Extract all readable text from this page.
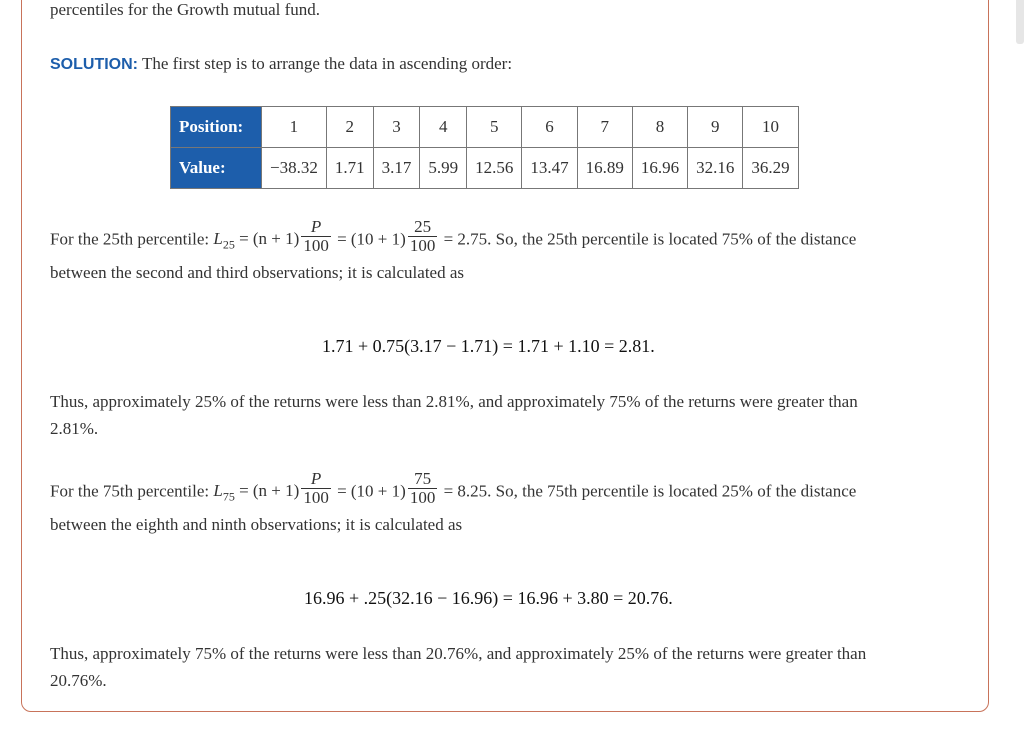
percentiles for the Growth mutual fund.
SOLUTION: The first step is to arrange the data in ascending order:
Position:	1	2	3	4	5	6	7	8	9	10
Value:	−38.32	1.71	3.17	5.99	12.56	13.47	16.89	16.96	32.16	36.29
For the 25th percentile: $L_{25} = (n + 1) \frac{P}{100} = (10 + 1) \frac{25}{100} = 2.75$. So, the 25th percentile is located 75% of the distance
between the second and third observations; it is calculated as
1.71 + 0.75(3.17 − 1.71) = 1.71 + 1.10 = 2.81.
Thus, approximately 25% of the returns were less than 2.81%, and approximately 75% of the returns were greater than
2.81%.
For the 75th percentile: $L_{75} = (n + 1) \frac{P}{100} = (10 + 1) \frac{75}{100} = 8.25$. So, the 75th percentile is located 25% of the distance
between the eighth and ninth observations; it is calculated as
16.96 + .25(32.16 − 16.96) = 16.96 + 3.80 = 20.76.
Thus, approximately 75% of the returns were less than 20.76%, and approximately 25% of the returns were greater than
20.76%.
